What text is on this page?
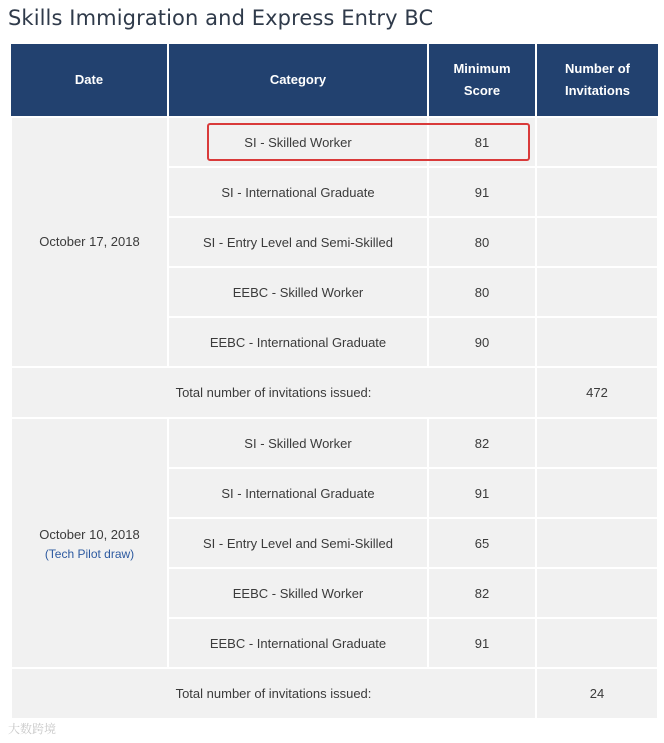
Skills Immigration and Express Entry BC
Date	Category	Minimum Score	Number of Invitations
October 17, 2018	SI - Skilled Worker	81	
	SI - International Graduate	91	
	SI - Entry Level and Semi-Skilled	80	
	EEBC - Skilled Worker	80	
	EEBC - International Graduate	90	
Total number of invitations issued:			472
October 10, 2018
(Tech Pilot draw)	SI - Skilled Worker	82	
	SI - International Graduate	91	
	SI - Entry Level and Semi-Skilled	65	
	EEBC - Skilled Worker	82	
	EEBC - International Graduate	91	
Total number of invitations issued:			24
大数跨境
